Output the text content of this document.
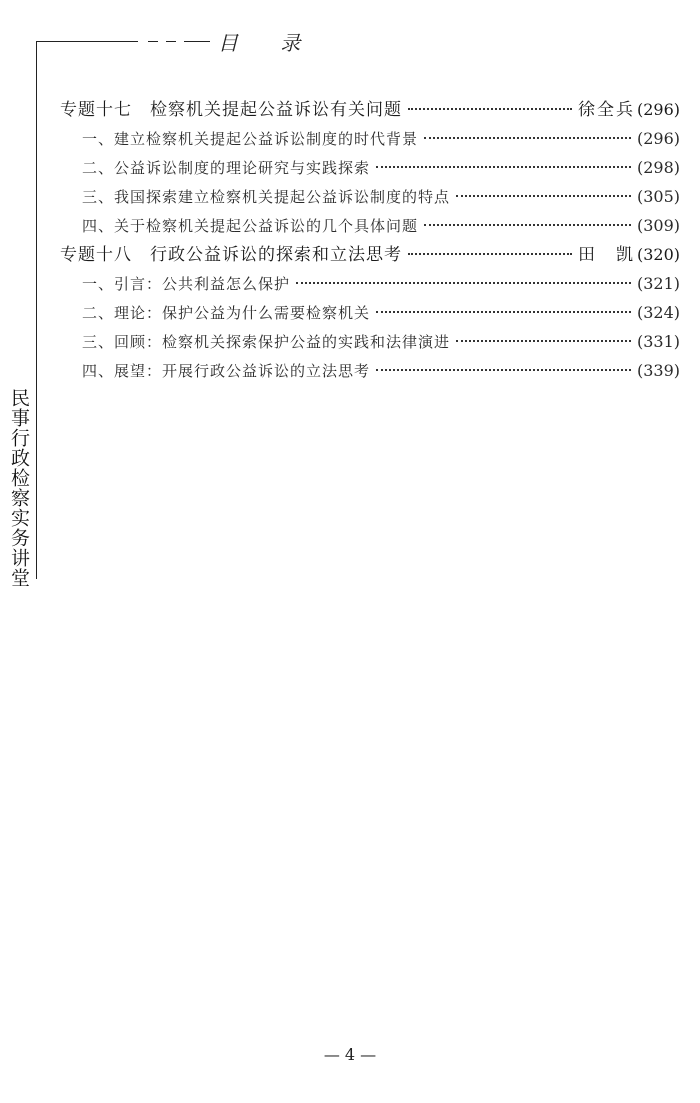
目 录
民事行政检察实务讲堂
专题十七　检察机关提起公益诉讼有关问题	徐全兵 (296)
一、建立检察机关提起公益诉讼制度的时代背景	(296)
二、公益诉讼制度的理论研究与实践探索	(298)
三、我国探索建立检察机关提起公益诉讼制度的特点	(305)
四、关于检察机关提起公益诉讼的几个具体问题	(309)
专题十八　行政公益诉讼的探索和立法思考	田　凯 (320)
一、引言：公共利益怎么保护	(321)
二、理论：保护公益为什么需要检察机关	(324)
三、回顾：检察机关探索保护公益的实践和法律演进	(331)
四、展望：开展行政公益诉讼的立法思考	(339)
— 4 —
